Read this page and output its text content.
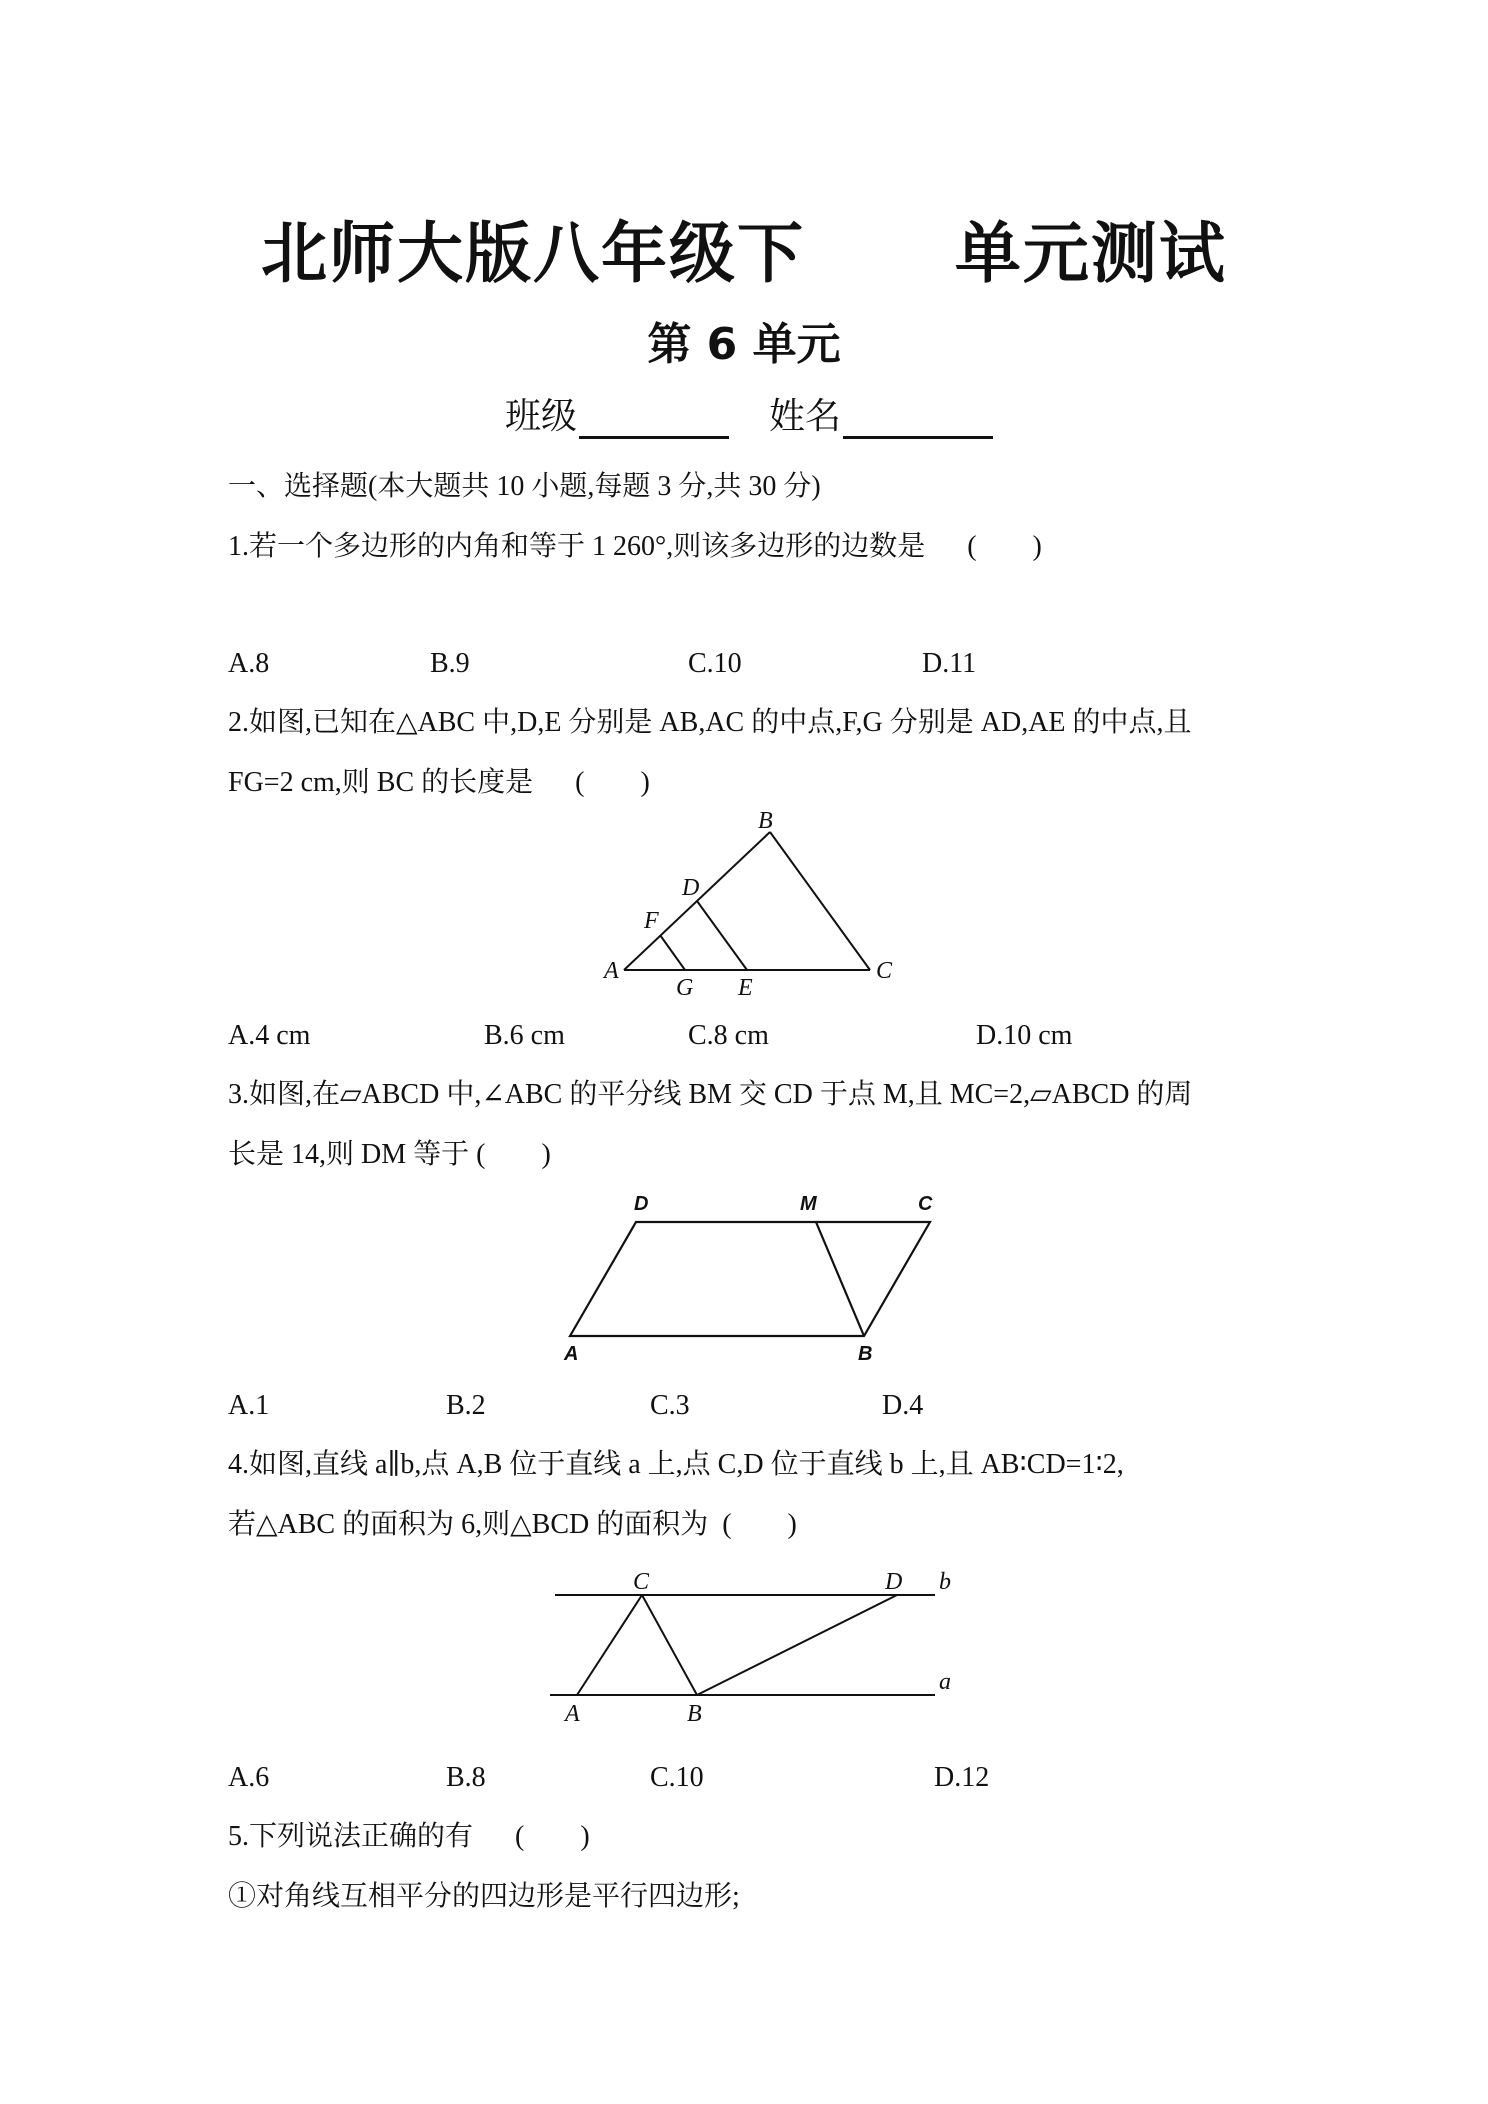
北师大版八年级下      单元测试
第 6 单元
班级	姓名
一、选择题(本大题共 10 小题,每题 3 分,共 30 分)
1.若一个多边形的内角和等于 1 260°,则该多边形的边数是      (        )
A.8	B.9	C.10	D.11
2.如图,已知在△ABC 中,D,E 分别是 AB,AC 的中点,F,G 分别是 AD,AE 的中点,且
FG=2 cm,则 BC 的长度是      (        )
B
D
F
A	C
G E
A.4 cm	B.6 cm	C.8 cm	D.10 cm
3.如图,在▱ABCD 中,∠ABC 的平分线 BM 交 CD 于点 M,且 MC=2,▱ABCD 的周
长是 14,则 DM 等于 (        )
D	M	C
A	B
A.1	B.2	C.3	D.4
4.如图,直线 a∥b,点 A,B 位于直线 a 上,点 C,D 位于直线 b 上,且 AB∶CD=1∶2,
若△ABC 的面积为 6,则△BCD 的面积为  (        )
C	D b
a
A	B
A.6	B.8	C.10	D.12
5.下列说法正确的有      (        )
①对角线互相平分的四边形是平行四边形;
